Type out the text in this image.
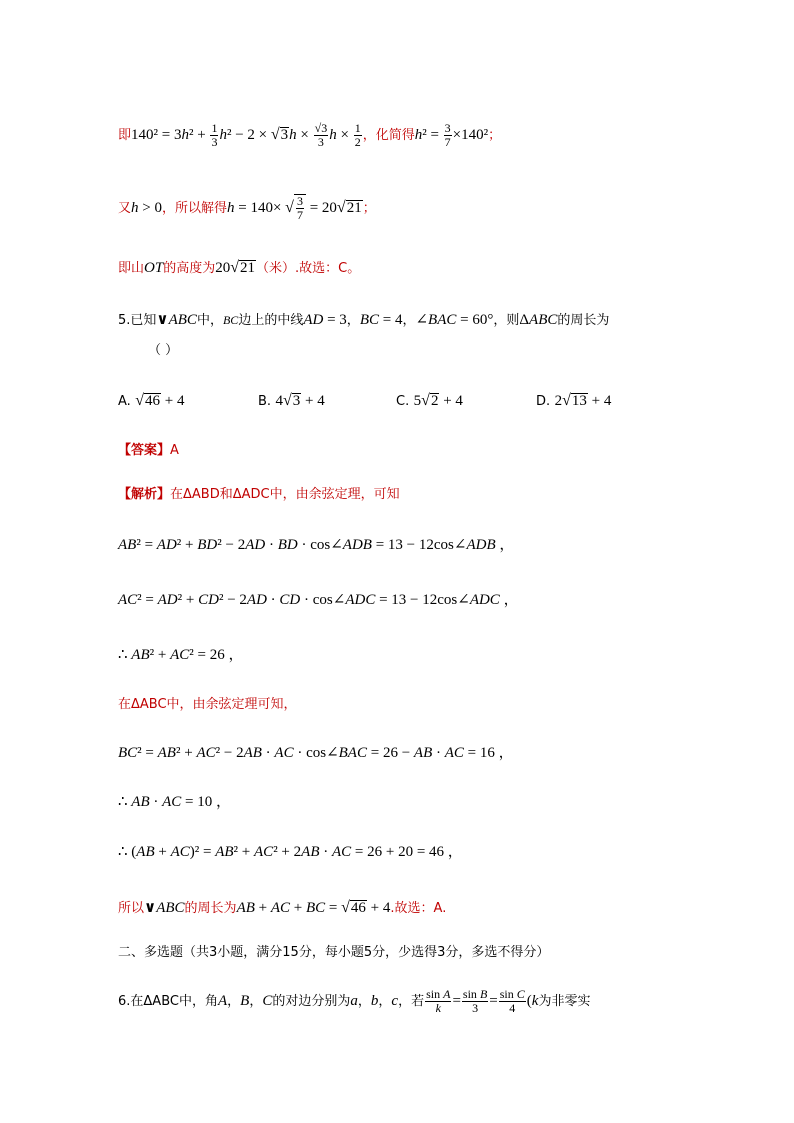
即$140^2 = 3h^2 + \frac{1}{3} h^2 - 2 \times √3h \times \frac{√3}{3}$ $h \times \frac{1}{2}$ ，化简得$h^2 = \frac{3}{7} \times 140^2$；
又h > 0，所以解得h = 140× √ $\frac{3}{7} = 20√21$；
即山OT的高度为20√21（米）.故选：C。
5.已知∨ABC中，BC边上的中线AD = 3，BC = 4，∠BAC = 60°，则ΔABC的周长为
（ ）
A. √46 + 4	B. 4√3 + 4	C. 5√2 + 4	D. 2√13 + 4
【答案】A
【解析】在ΔABD和ΔADC中，由余弦定理，可知
AB² = AD² + BD² − 2AD · BD · cos∠ADB = 13 − 12cos∠ADB ，
AC² = AD² + CD² − 2AD · CD · cos∠ADC = 13 − 12cos∠ADC ，
∴ AB² + AC² = 26 ，
在ΔABC中，由余弦定理可知，
BC² = AB² + AC² − 2AB · AC · cos∠BAC = 26 − AB · AC = 16 ，
∴ AB · AC = 10 ，
∴ (AB + AC)² = AB² + AC² + 2AB · AC = 26 + 20 = 46 ，
所以∨ABC的周长为AB + AC + BC = √46 + 4.故选：A.
二、多选题（共3小题，满分15分，每小题5分，少选得3分，多选不得分）
6.在ΔABC中，角A，B，C的对边分别为a，b，c，若 $\frac{\text{sin A}}{k} = \frac{\text{sin B}}{3} = \frac{\text{sin C}}{4} (k$为非零实
